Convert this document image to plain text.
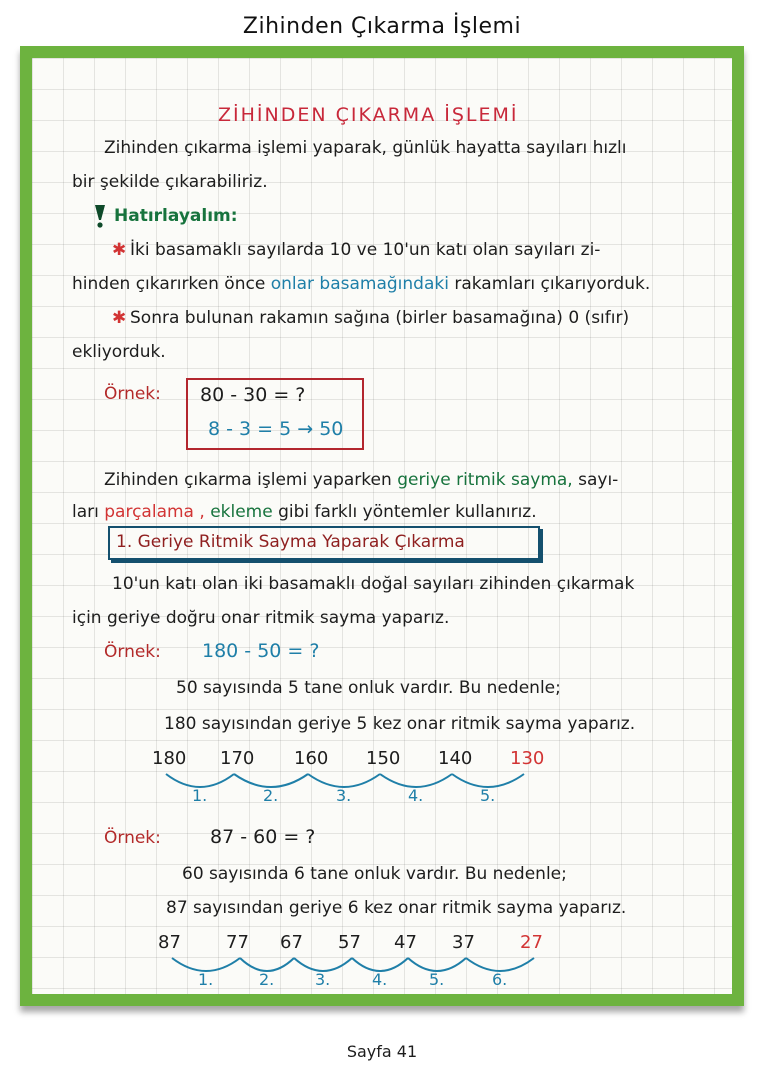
Zihinden Çıkarma İşlemi
ZİHİNDEN ÇIKARMA İŞLEMİ
Zihinden çıkarma işlemi yaparak, günlük hayatta sayıları hızlı
bir şekilde çıkarabiliriz.
Hatırlayalım:
✱ İki basamaklı sayılarda 10 ve 10'un katı olan sayıları zi-
hinden çıkarırken önce onlar basamağındaki rakamları çıkarıyorduk.
✱ Sonra bulunan rakamın sağına (birler basamağına) 0 (sıfır)
ekliyorduk.
Örnek: 80 - 30 = ?
8 - 3 = 5 → 50
Zihinden çıkarma işlemi yaparken geriye ritmik sayma, sayı-
ları parçalama , ekleme gibi farklı yöntemler kullanırız.
1. Geriye Ritmik Sayma Yaparak Çıkarma
10'un katı olan iki basamaklı doğal sayıları zihinden çıkarmak
için geriye doğru onar ritmik sayma yaparız.
Örnek: 180 - 50 = ?
50 sayısında 5 tane onluk vardır. Bu nedenle;
180 sayısından geriye 5 kez onar ritmik sayma yaparız.
180 170 160 150 140 130
1.	2.	3.	4.	5.
Örnek:	87 - 60 = ?
60 sayısında 6 tane onluk vardır. Bu nedenle;
87 sayısından geriye 6 kez onar ritmik sayma yaparız.
87	77 67 57 47 37	27
1.	2.	3.	4.	5.	6.
Sayfa 41
